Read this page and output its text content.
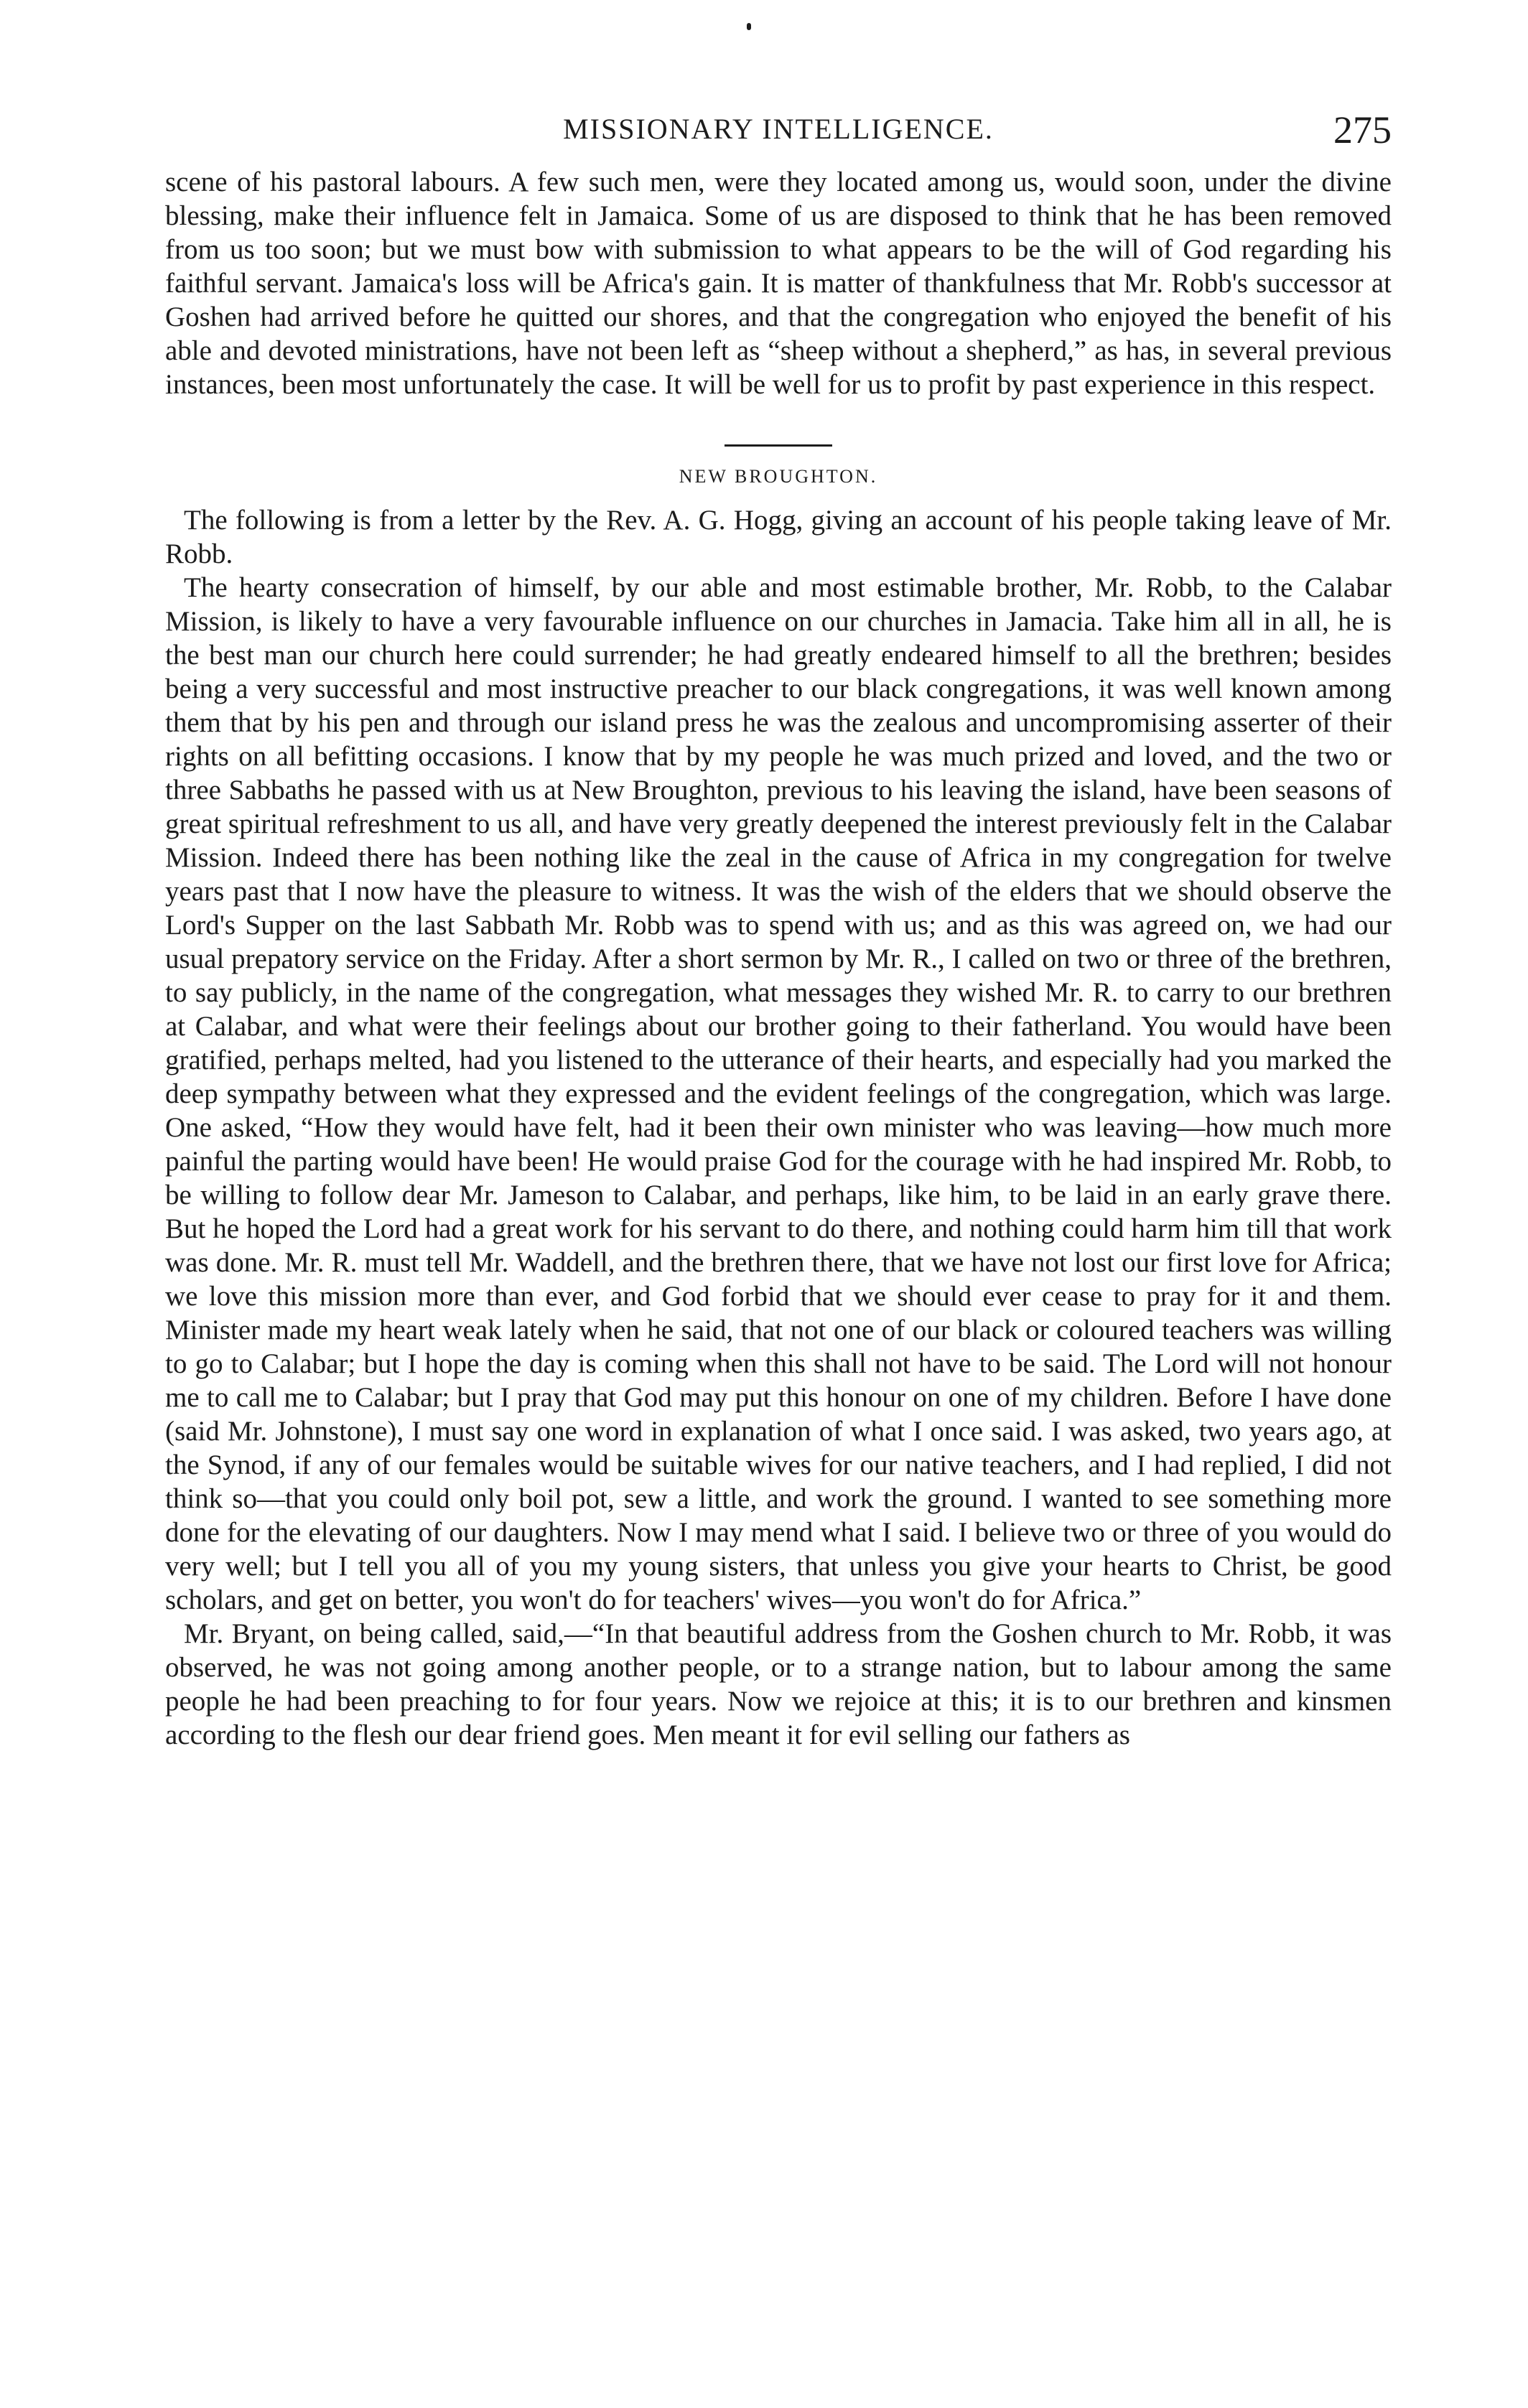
MISSIONARY INTELLIGENCE.	275

scene of his pastoral labours. A few such men, were they located among us, would soon, under the divine blessing, make their influence felt in Jamaica. Some of us are disposed to think that he has been removed from us too soon; but we must bow with submission to what appears to be the will of God regarding his faithful servant. Jamaica's loss will be Africa's gain. It is matter of thankfulness that Mr. Robb's successor at Goshen had arrived before he quitted our shores, and that the congregation who enjoyed the benefit of his able and devoted ministrations, have not been left as “sheep without a shepherd,” as has, in several previous instances, been most unfortunately the case. It will be well for us to profit by past experience in this respect.

NEW BROUGHTON.

The following is from a letter by the Rev. A. G. Hogg, giving an account of his people taking leave of Mr. Robb.

The hearty consecration of himself, by our able and most estimable brother, Mr. Robb, to the Calabar Mission, is likely to have a very favourable influence on our churches in Jamacia. Take him all in all, he is the best man our church here could surrender; he had greatly endeared himself to all the brethren; besides being a very successful and most instructive preacher to our black congregations, it was well known among them that by his pen and through our island press he was the zealous and uncompromising asserter of their rights on all befitting occasions. I know that by my people he was much prized and loved, and the two or three Sabbaths he passed with us at New Broughton, previous to his leaving the island, have been seasons of great spiritual refreshment to us all, and have very greatly deepened the interest previously felt in the Calabar Mission. Indeed there has been nothing like the zeal in the cause of Africa in my congregation for twelve years past that I now have the pleasure to witness. It was the wish of the elders that we should observe the Lord's Supper on the last Sabbath Mr. Robb was to spend with us; and as this was agreed on, we had our usual prepatory service on the Friday. After a short sermon by Mr. R., I called on two or three of the brethren, to say publicly, in the name of the congregation, what messages they wished Mr. R. to carry to our brethren at Calabar, and what were their feelings about our brother going to their fatherland. You would have been gratified, perhaps melted, had you listened to the utterance of their hearts, and especially had you marked the deep sympathy between what they expressed and the evident feelings of the congregation, which was large. One asked, “How they would have felt, had it been their own minister who was leaving—how much more painful the parting would have been! He would praise God for the courage with he had inspired Mr. Robb, to be willing to follow dear Mr. Jameson to Calabar, and perhaps, like him, to be laid in an early grave there. But he hoped the Lord had a great work for his servant to do there, and nothing could harm him till that work was done. Mr. R. must tell Mr. Waddell, and the brethren there, that we have not lost our first love for Africa; we love this mission more than ever, and God forbid that we should ever cease to pray for it and them. Minister made my heart weak lately when he said, that not one of our black or coloured teachers was willing to go to Calabar; but I hope the day is coming when this shall not have to be said. The Lord will not honour me to call me to Calabar; but I pray that God may put this honour on one of my children. Before I have done (said Mr. Johnstone), I must say one word in explanation of what I once said. I was asked, two years ago, at the Synod, if any of our females would be suitable wives for our native teachers, and I had replied, I did not think so—that you could only boil pot, sew a little, and work the ground. I wanted to see something more done for the elevating of our daughters. Now I may mend what I said. I believe two or three of you would do very well; but I tell you all of you my young sisters, that unless you give your hearts to Christ, be good scholars, and get on better, you won't do for teachers' wives—you won't do for Africa.”

Mr. Bryant, on being called, said,—“In that beautiful address from the Goshen church to Mr. Robb, it was observed, he was not going among another people, or to a strange nation, but to labour among the same people he had been preaching to for four years. Now we rejoice at this; it is to our brethren and kinsmen according to the flesh our dear friend goes. Men meant it for evil selling our fathers as
